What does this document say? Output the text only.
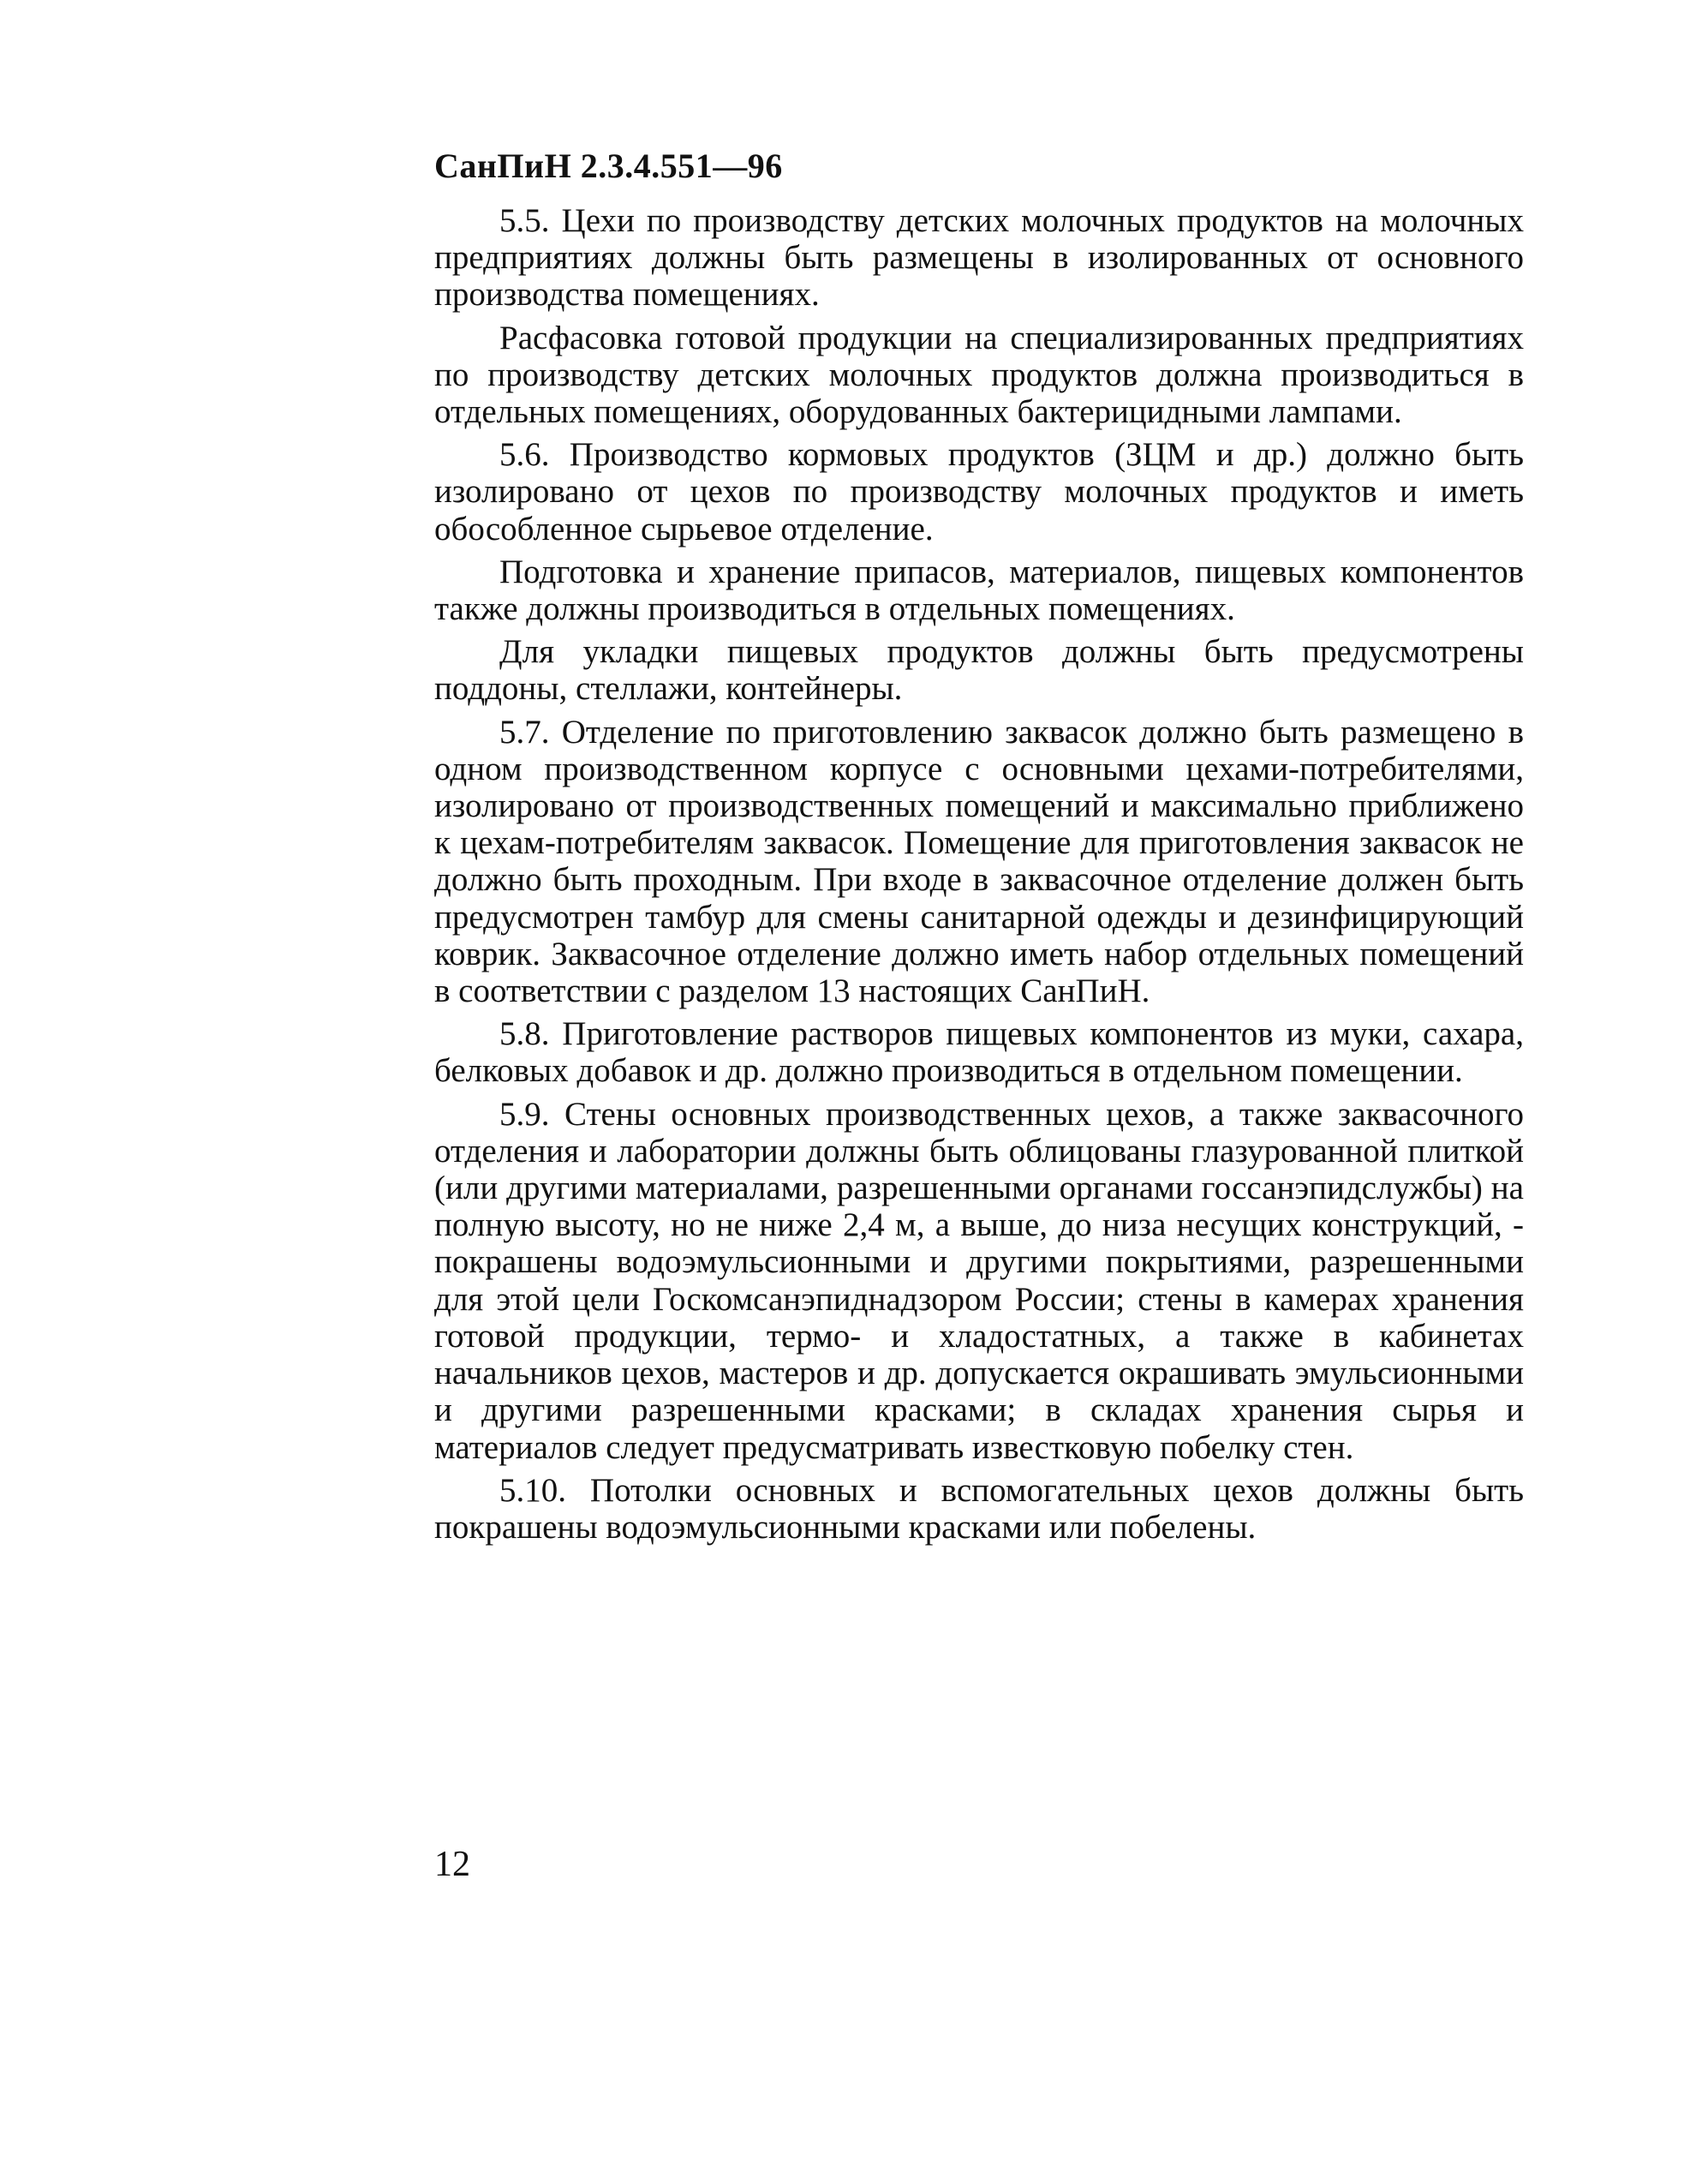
СанПиН 2.3.4.551—96

5.5. Цехи по производству детских молочных продуктов на молочных предприятиях должны быть размещены в изолированных от основного производства помещениях.

Расфасовка готовой продукции на специализированных предприятиях по производству детских молочных продуктов должна производиться в отдельных помещениях, оборудованных бактерицидными лампами.

5.6. Производство кормовых продуктов (ЗЦМ и др.) должно быть изолировано от цехов по производству молочных продуктов и иметь обособленное сырьевое отделение.

Подготовка и хранение припасов, материалов, пищевых компонентов также должны производиться в отдельных помещениях.

Для укладки пищевых продуктов должны быть предусмотрены поддоны, стеллажи, контейнеры.

5.7. Отделение по приготовлению заквасок должно быть размещено в одном производственном корпусе с основными цехами-потребителями, изолировано от производственных помещений и максимально приближено к цехам-потребителям заквасок. Помещение для приготовления заквасок не должно быть проходным. При входе в заквасочное отделение должен быть предусмотрен тамбур для смены санитарной одежды и дезинфицирующий коврик. Заквасочное отделение должно иметь набор отдельных помещений в соответствии с разделом 13 настоящих СанПиН.

5.8. Приготовление растворов пищевых компонентов из муки, сахара, белковых добавок и др. должно производиться в отдельном помещении.

5.9. Стены основных производственных цехов, а также заквасочного отделения и лаборатории должны быть облицованы глазурованной плиткой (или другими материалами, разрешенными органами госсанэпидслужбы) на полную высоту, но не ниже 2,4 м, а выше, до низа несущих конструкций, - покрашены водоэмульсионными и другими покрытиями, разрешенными для этой цели Госкомсанэпиднадзором России; стены в камерах хранения готовой продукции, термо- и хладостатных, а также в кабинетах начальников цехов, мастеров и др. допускается окрашивать эмульсионными и другими разрешенными красками; в складах хранения сырья и материалов следует предусматривать известковую побелку стен.

5.10. Потолки основных и вспомогательных цехов должны быть покрашены водоэмульсионными красками или побелены.

12
